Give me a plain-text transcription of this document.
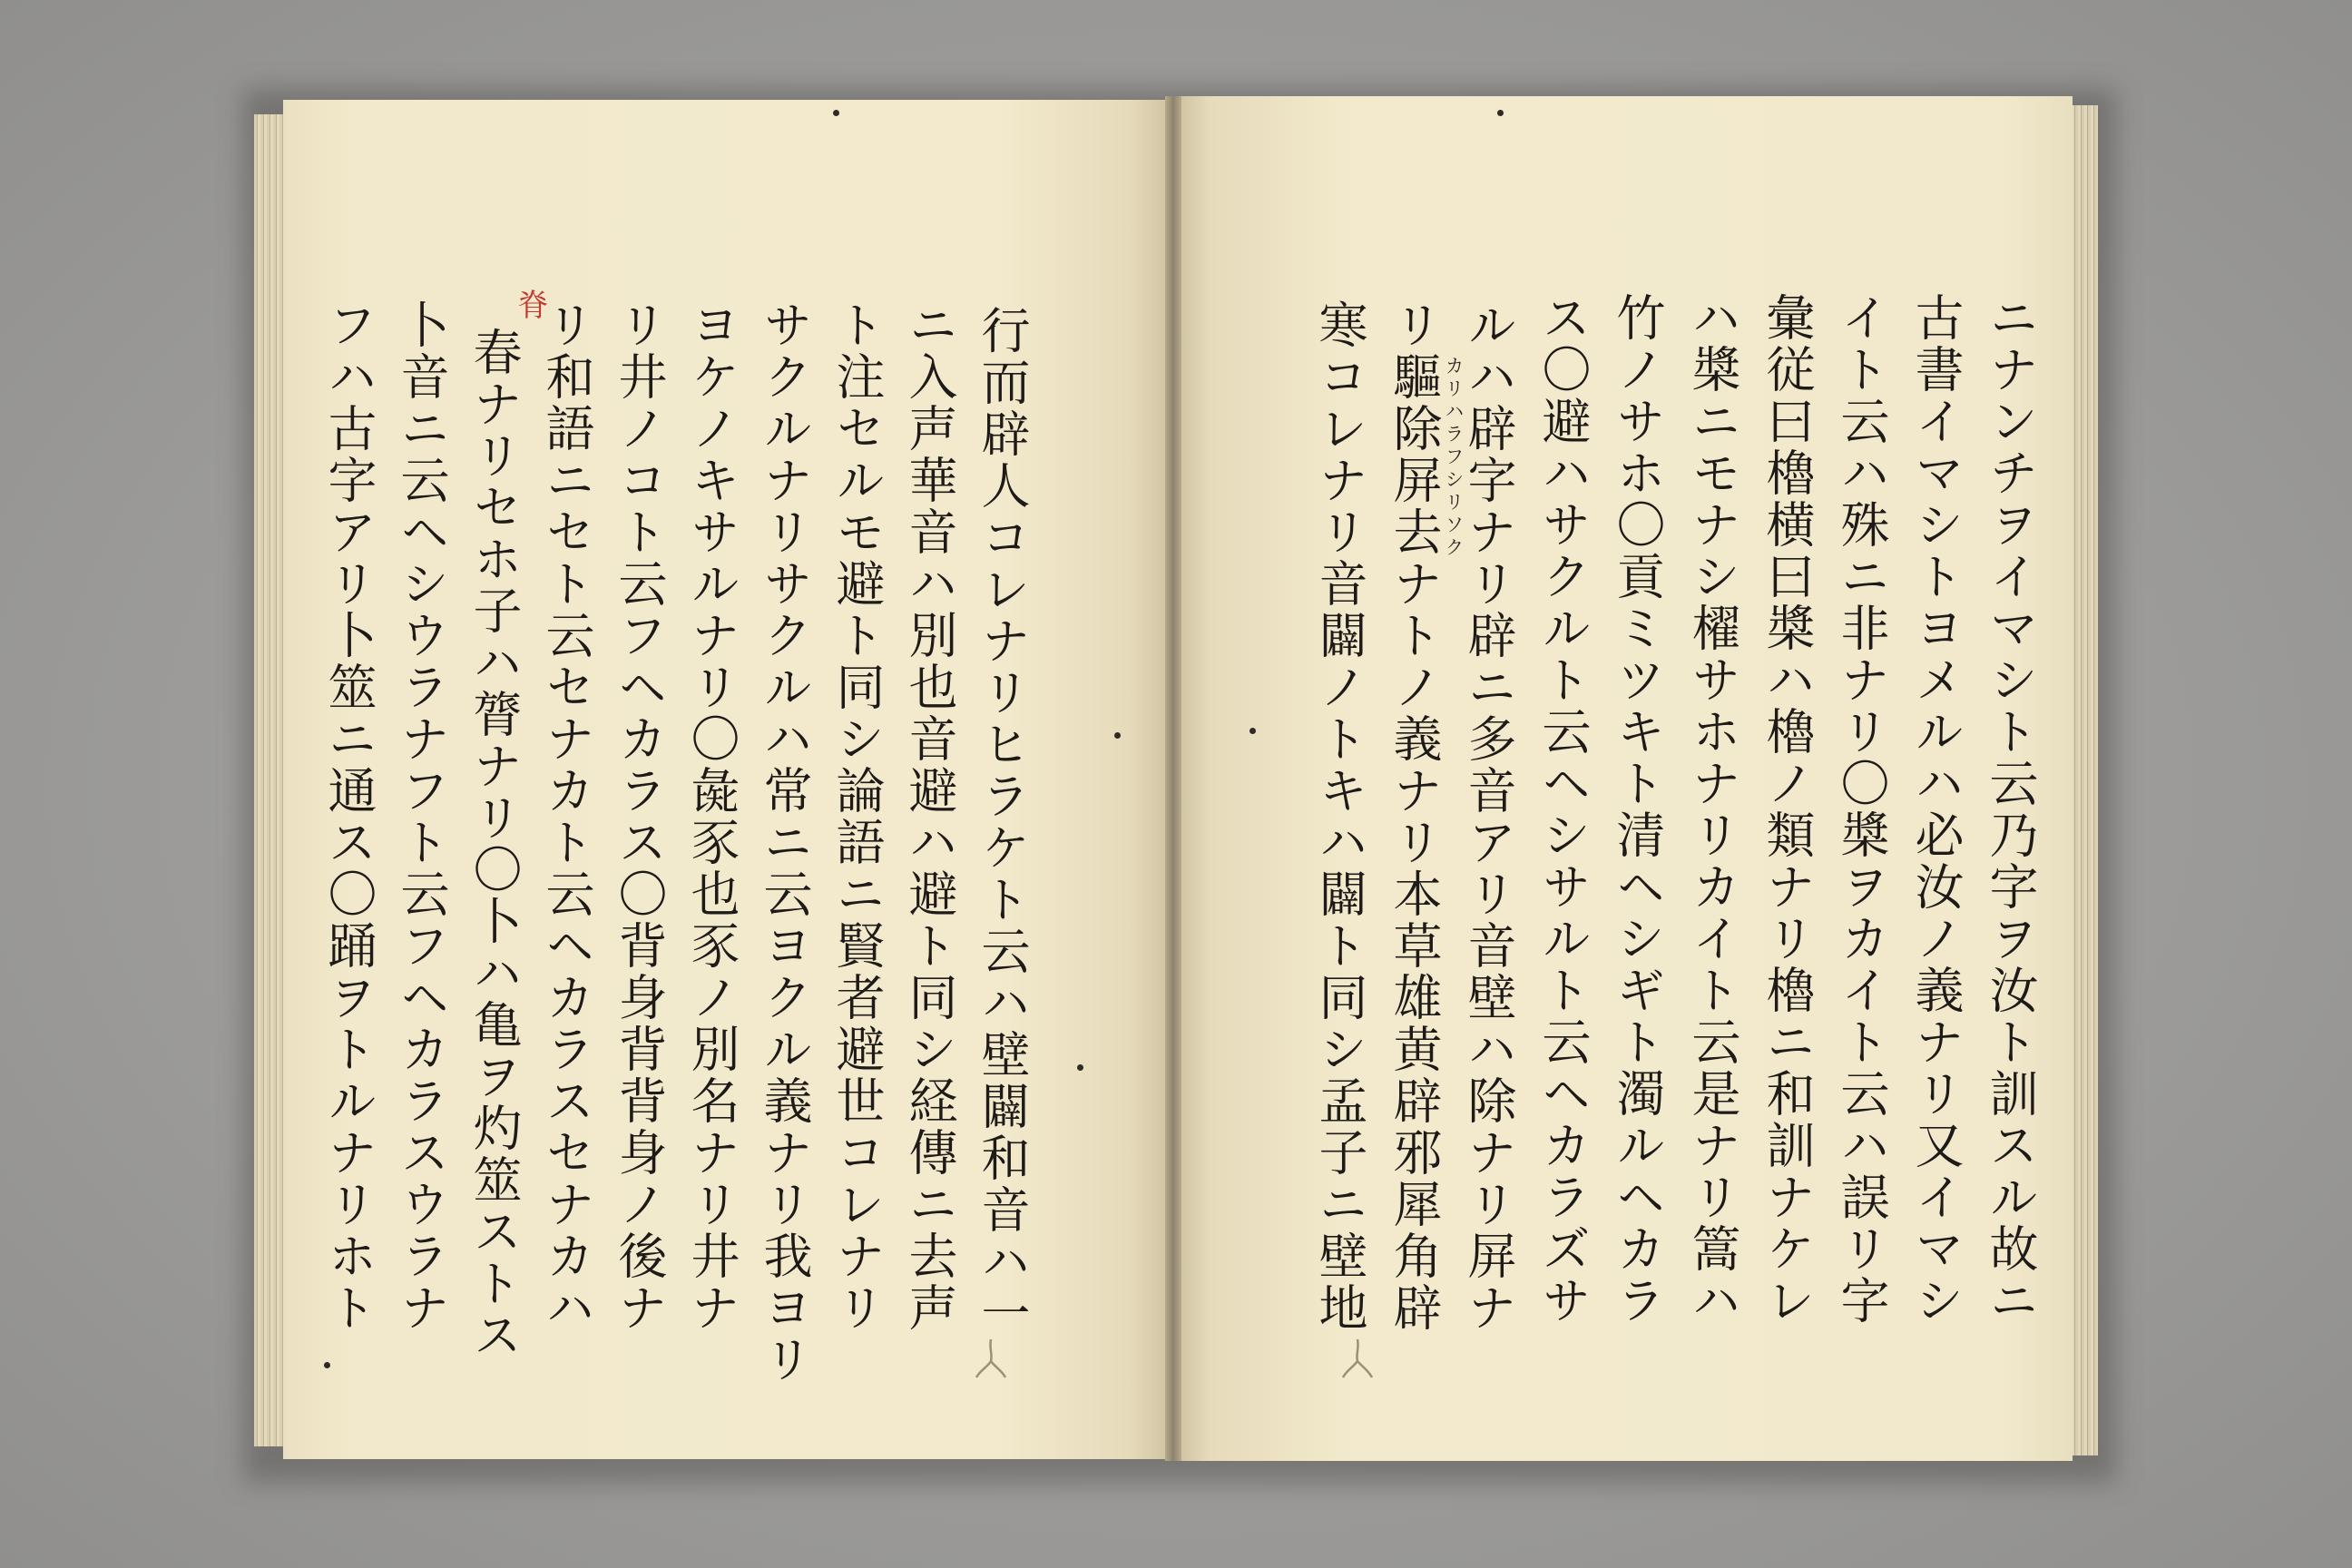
ニナンチヲイマシト云乃字ヲ汝ト訓スル故ニ
古書イマシトヨメルハ必汝ノ義ナリ又イマシ
イト云ハ殊ニ非ナリ〇槳ヲカイト云ハ誤リ字
彙従曰櫓横曰槳ハ櫓ノ類ナリ櫓ニ和訓ナケレ
ハ槳ニモナシ櫂サホナリカイト云是ナリ篙ハ
竹ノサホ〇貢ミツキト清ヘシギト濁ルヘカラ
ス〇避ハサクルト云ヘシサルト云ヘカラズサ
ルハ辟字ナリ辟ニ多音アリ音壁ハ除ナリ屏ナ
リ驅除屏去ナトノ義ナリ本草雄黄辟邪犀角辟
寒コレナリ音闢ノトキハ闢ト同シ孟子ニ壁地	カリハラフシリソク
行而辟人コレナリヒラケト云ハ壁闢和音ハ一
ニ入声華音ハ別也音避ハ避ト同シ経傳ニ去声
ト注セルモ避ト同シ論語ニ賢者避世コレナリ
サクルナリサクルハ常ニ云ヨクル義ナリ我ヨリ
ヨケノキサルナリ〇彘豕也豕ノ別名ナリ井ナ
リ井ノコト云フヘカラス〇背身背背身ノ後ナ
リ和語ニセト云セナカト云ヘカラスセナカハ
春ナリセホ子ハ膂ナリ〇卜ハ亀ヲ灼筮ストス
卜音ニ云ヘシウラナフト云フヘカラスウラナ
フハ古字アリ卜筮ニ通ス〇踊ヲトルナリホト	脊
